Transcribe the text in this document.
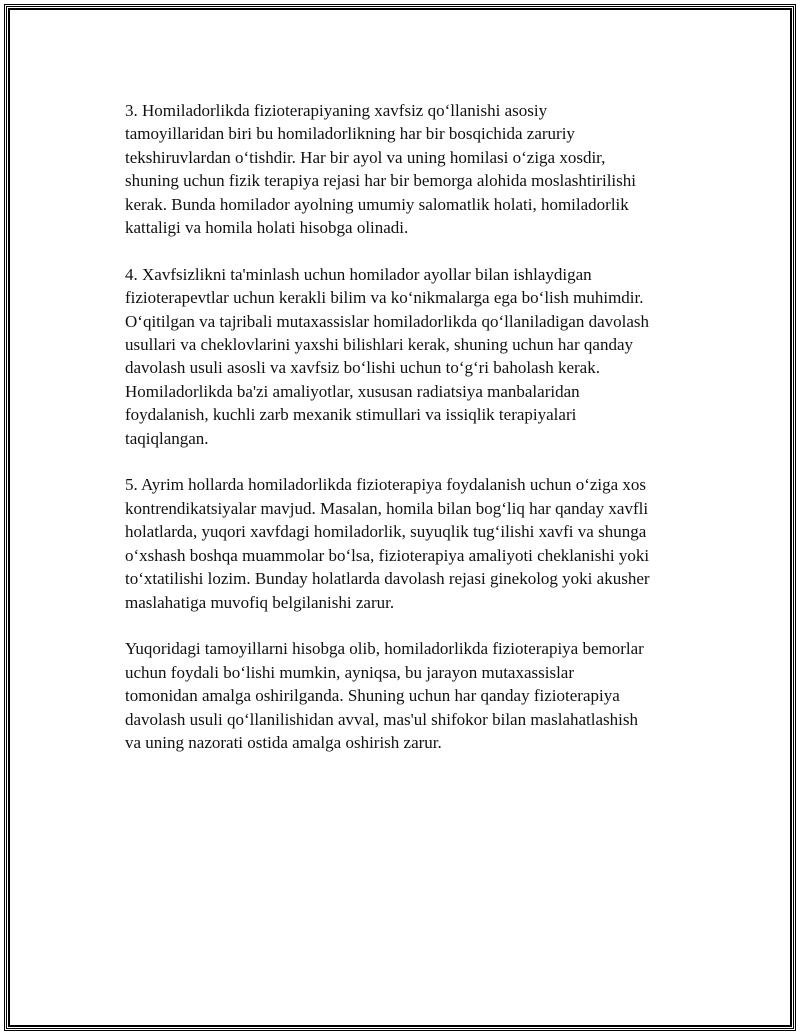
3. Homiladorlikda fizioterapiyaning xavfsiz qo‘llanishi asosiy
tamoyillaridan biri bu homiladorlikning har bir bosqichida zaruriy
tekshiruvlardan o‘tishdir. Har bir ayol va uning homilasi o‘ziga xosdir,
shuning uchun fizik terapiya rejasi har bir bemorga alohida moslashtirilishi
kerak. Bunda homilador ayolning umumiy salomatlik holati, homiladorlik
kattaligi va homila holati hisobga olinadi.

4. Xavfsizlikni ta'minlash uchun homilador ayollar bilan ishlaydigan
fizioterapevtlar uchun kerakli bilim va ko‘nikmalarga ega bo‘lish muhimdir.
O‘qitilgan va tajribali mutaxassislar homiladorlikda qo‘llaniladigan davolash
usullari va cheklovlarini yaxshi bilishlari kerak, shuning uchun har qanday
davolash usuli asosli va xavfsiz bo‘lishi uchun to‘g‘ri baholash kerak.
Homiladorlikda ba'zi amaliyotlar, xususan radiatsiya manbalaridan
foydalanish, kuchli zarb mexanik stimullari va issiqlik terapiyalari
taqiqlangan.

5. Ayrim hollarda homiladorlikda fizioterapiya foydalanish uchun o‘ziga xos
kontrendikatsiyalar mavjud. Masalan, homila bilan bog‘liq har qanday xavfli
holatlarda, yuqori xavfdagi homiladorlik, suyuqlik tug‘ilishi xavfi va shunga
o‘xshash boshqa muammolar bo‘lsa, fizioterapiya amaliyoti cheklanishi yoki
to‘xtatilishi lozim. Bunday holatlarda davolash rejasi ginekolog yoki akusher
maslahatiga muvofiq belgilanishi zarur.

Yuqoridagi tamoyillarni hisobga olib, homiladorlikda fizioterapiya bemorlar
uchun foydali bo‘lishi mumkin, ayniqsa, bu jarayon mutaxassislar
tomonidan amalga oshirilganda. Shuning uchun har qanday fizioterapiya
davolash usuli qo‘llanilishidan avval, mas'ul shifokor bilan maslahatlashish
va uning nazorati ostida amalga oshirish zarur.
